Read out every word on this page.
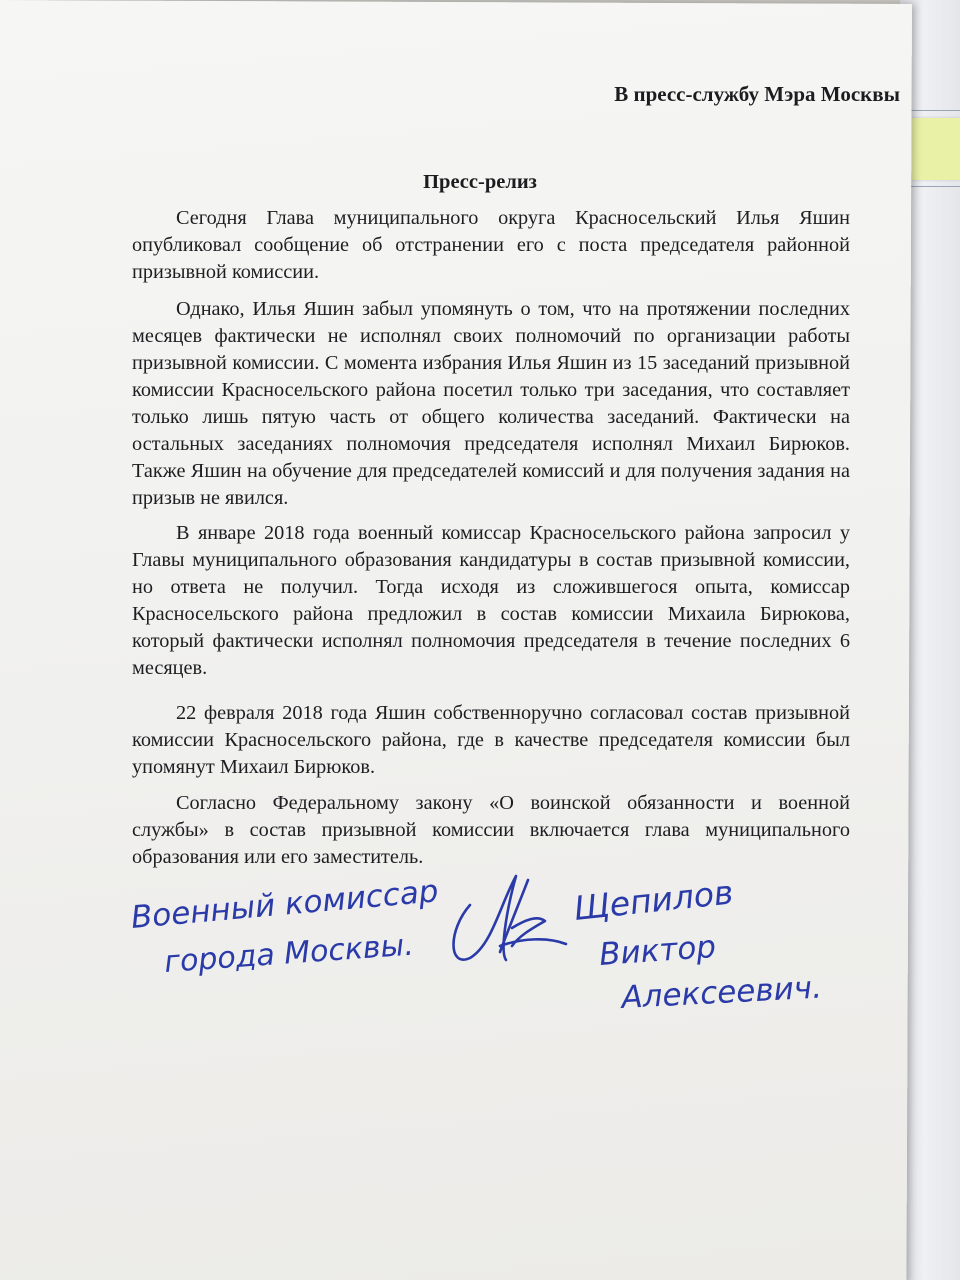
В пресс-службу Мэра Москвы
Пресс-релиз

Сегодня Глава муниципального округа Красносельский Илья Яшин опубликовал сообщение об отстранении его с поста председателя районной призывной комиссии.

Однако, Илья Яшин забыл упомянуть о том, что на протяжении последних месяцев фактически не исполнял своих полномочий по организации работы призывной комиссии. С момента избрания Илья Яшин из 15 заседаний призывной комиссии Красносельского района посетил только три заседания, что составляет только лишь пятую часть от общего количества заседаний. Фактически на остальных заседаниях полномочия председателя исполнял Михаил Бирюков. Также Яшин на обучение для председателей комиссий и для получения задания на призыв не явился.

В январе 2018 года военный комиссар Красносельского района запросил у Главы муниципального образования кандидатуры в состав призывной комиссии, но ответа не получил. Тогда исходя из сложившегося опыта, комиссар Красносельского района предложил в состав комиссии Михаила Бирюкова, который фактически исполнял полномочия председателя в течение последних 6 месяцев.

22 февраля 2018 года Яшин собственноручно согласовал состав призывной комиссии Красносельского района, где в качестве председателя комиссии был упомянут Михаил Бирюков.

Согласно Федеральному закону «О воинской обязанности и военной службы» в состав призывной комиссии включается глава муниципального образования или его заместитель.

Военный комиссар
города Москвы.
Щепилов
Виктор
Алексеевич.
